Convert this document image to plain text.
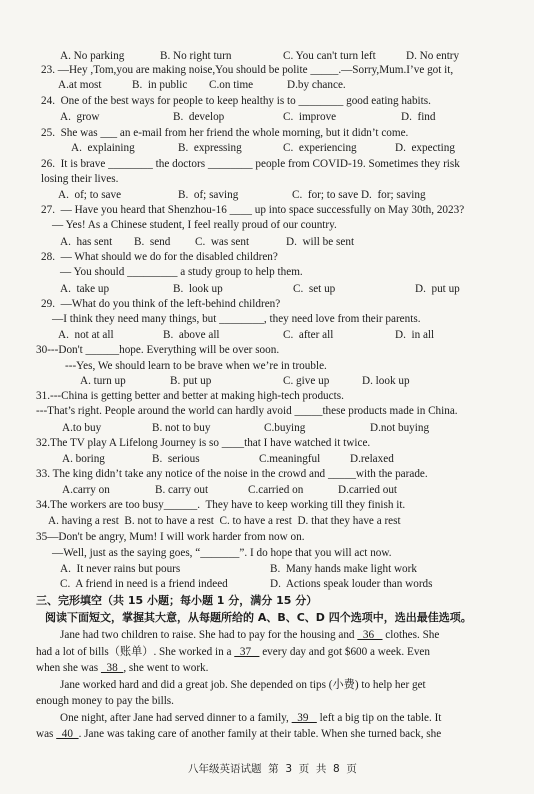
A. No parking	B. No right turn	C. You can't turn left	D. No entry
23. —Hey ,Tom,you are making noise,You should be polite _____.—Sorry,Mum.I’ve got it,
A.at most	B.  in public C.on time	D.by chance.
24.  One of the best ways for people to keep healthy is to ________ good eating habits.
A.  grow	B.  develop	C.  improve	D.  find
25.  She was ___ an e-mail from her friend the whole morning, but it didn’t come.
A.  explaining	B.  expressing	C.  experiencing	D.  expecting
26.  It is brave ________ the doctors ________ people from COVID-19. Sometimes they risk
losing their lives.
A.  of; to save	B.  of; saving	C.  for; to save D.  for; saving
27.  — Have you heard that Shenzhou-16 ____ up into space successfully on May 30th, 2023?
— Yes! As a Chinese student, I feel really proud of our country.
A.  has sent B.  send C.  was sent	D.  will be sent
28.  — What should we do for the disabled children?
— You should _________ a study group to help them.
A.  take up	B.  look up	C.  set up	D.  put up
29.  —What do you think of the left-behind children?
—I think they need many things, but ________, they need love from their parents.
A.  not at all	B.  above all	C.  after all	D.  in all
30---Don't ______hope. Everything will be over soon.
---Yes, We should learn to be brave when we’re in trouble.
A. turn up	B. put up	C. give up	D. look up
31.---China is getting better and better at making high-tech products.
---That’s right. People around the world can hardly avoid _____these products made in China.
A.to buy	B. not to buy	C.buying	D.not buying
32.The TV play A Lifelong Journey is so ____that I have watched it twice.
A. boring	B.  serious	C.meaningful	D.relaxed
33. The king didn’t take any notice of the noise in the crowd and _____with the parade.
A.carry on	B. carry out	C.carried on	D.carried out
34.The workers are too busy______.  They have to keep working till they finish it.
A. having a rest  B. not to have a rest  C. to have a rest  D. that they have a rest
35—Don't be angry, Mum! I will work harder from now on.
—Well, just as the saying goes, “_______”. I do hope that you will act now.
A.  It never rains but pours	B.  Many hands make light work
C.  A friend in need is a friend indeed	D.  Actions speak louder than words
三、完形填空（共 15 小题；每小题 1 分，满分 15 分）
阅读下面短文，掌握其大意，从每题所给的 A、B、C、D 四个选项中，选出最佳选项。
Jane had two children to raise. She had to pay for the housing and   36    clothes. She
had a lot of bills（账单）. She worked in a   37    every day and got $600 a week. Even
when she was   38  , she went to work.
Jane worked hard and did a great job. She depended on tips (小费) to help her get
enough money to pay the bills.
One night, after Jane had served dinner to a family,   39    left a big tip on the table. It
was   40  . Jane was taking care of another family at their table. When she turned back, she
八年级英语试题  第  3  页  共  8  页
